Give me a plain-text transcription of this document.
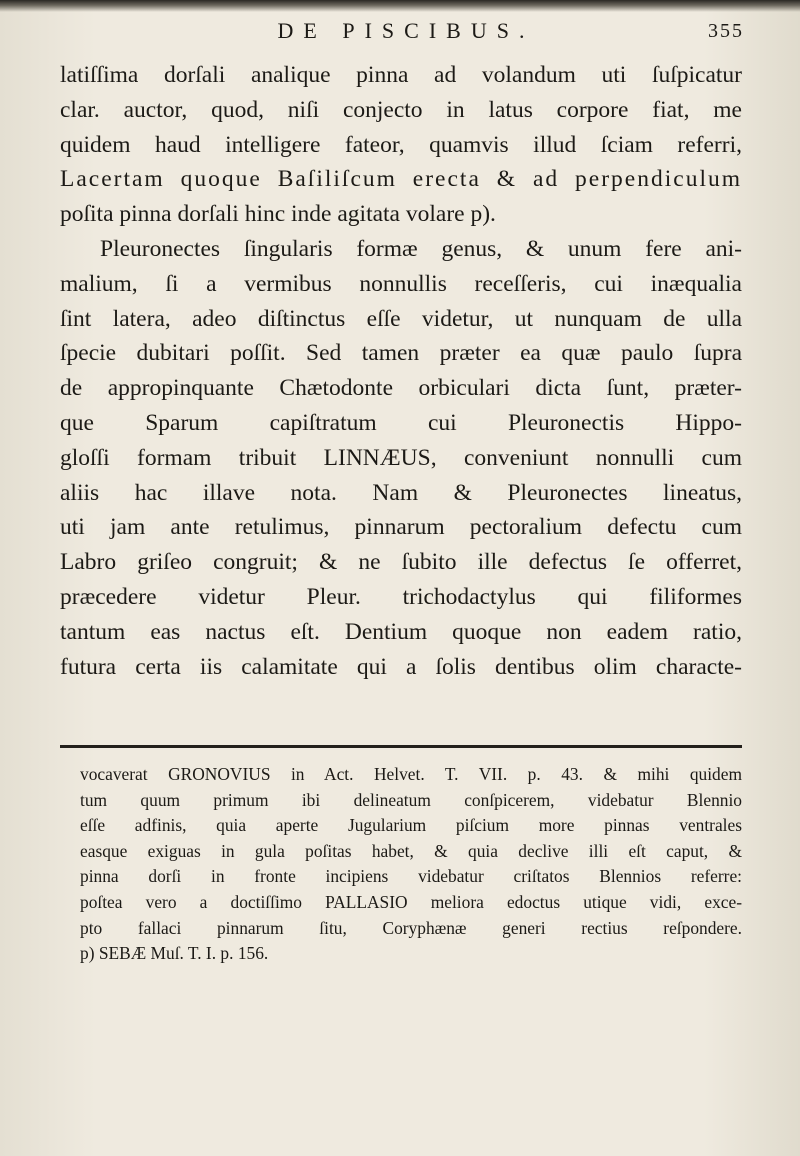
DE PISCIBUS.	355
latiſſima dorſali analique pinna ad volandum uti ſuſpicatur
clar. auctor, quod, niſi conjecto in latus corpore fiat, me
quidem haud intelligere fateor, quamvis illud ſciam referri,
Lacertam quoque Baſiliſcum erecta & ad perpendiculum
poſita pinna dorſali hinc inde agitata volare p).
Pleuronectes ſingularis formæ genus, & unum fere ani-
malium, ſi a vermibus nonnullis receſſeris, cui inæqualia
ſint latera, adeo diſtinctus eſſe videtur, ut nunquam de ulla
ſpecie dubitari poſſit. Sed tamen præter ea quæ paulo ſupra
de appropinquante Chætodonte orbiculari dicta ſunt, præter-
que Sparum capiſtratum cui Pleuronectis Hippo-
gloſſi formam tribuit LINNÆUS, conveniunt nonnulli cum
aliis hac illave nota. Nam & Pleuronectes lineatus,
uti jam ante retulimus, pinnarum pectoralium defectu cum
Labro griſeo congruit; & ne ſubito ille defectus ſe offerret,
præcedere videtur Pleur. trichodactylus qui filiformes
tantum eas nactus eſt. Dentium quoque non eadem ratio,
futura certa iis calamitate qui a ſolis dentibus olim characte-
vocaverat GRONOVIUS in Act. Helvet. T. VII. p. 43. & mihi quidem
tum quum primum ibi delineatum conſpicerem, videbatur Blennio
eſſe adfinis, quia aperte Jugularium piſcium more pinnas ventrales
easque exiguas in gula poſitas habet, & quia declive illi eſt caput, &
pinna dorſi in fronte incipiens videbatur criſtatos Blennios referre:
poſtea vero a doctiſſimo PALLASIO meliora edoctus utique vidi, exce-
pto fallaci pinnarum ſitu, Coryphænæ generi rectius reſpondere.
p) SEBÆ Muſ. T. I. p. 156.
